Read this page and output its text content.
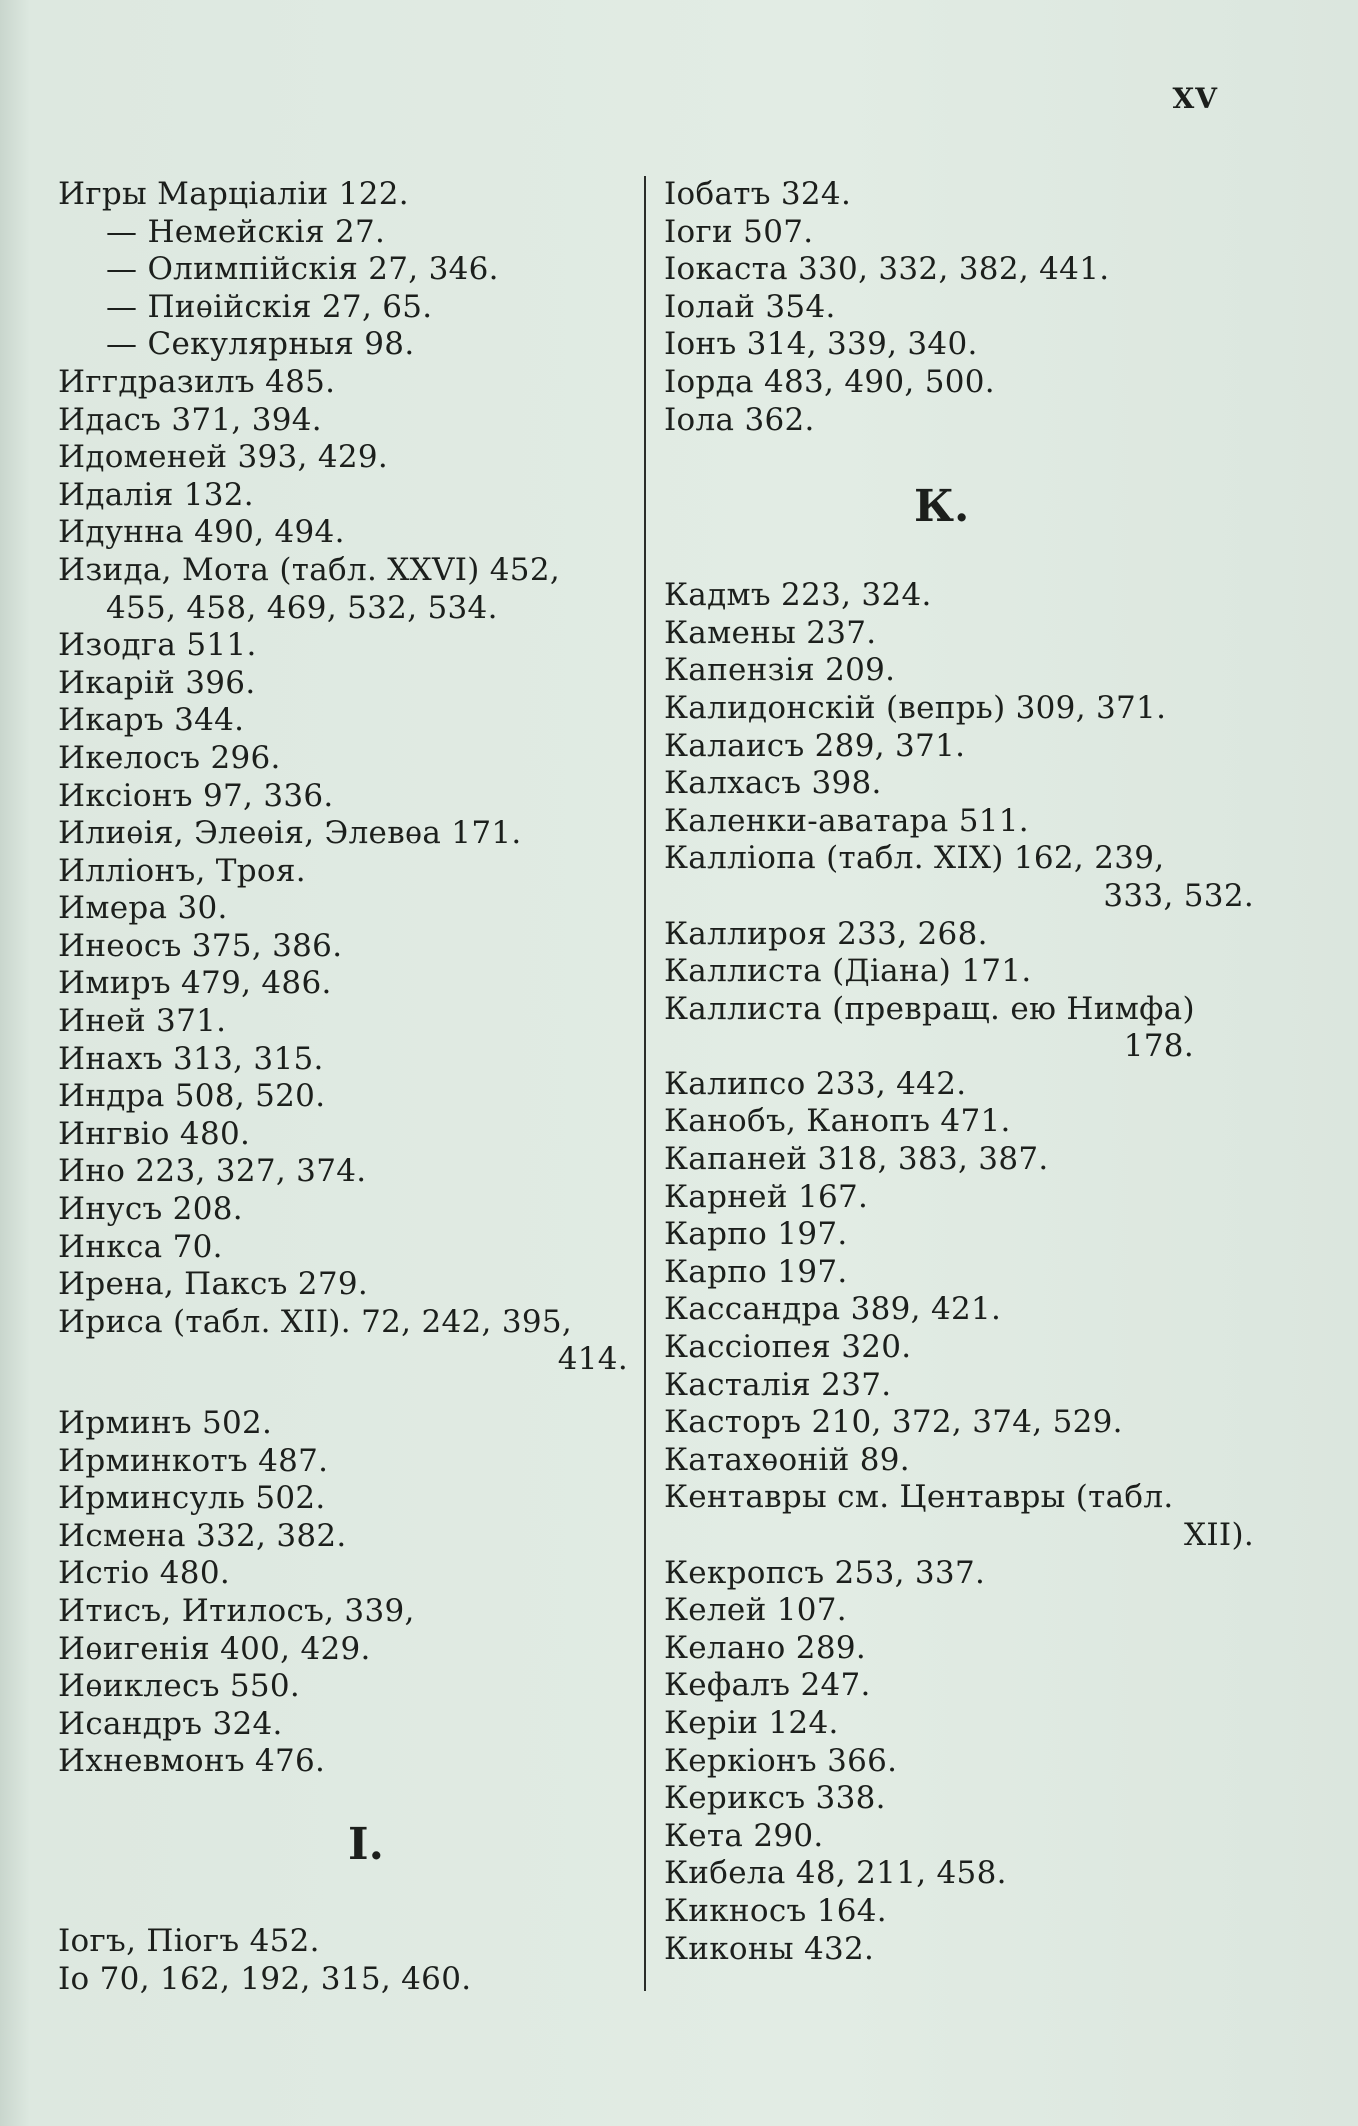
XV
Игры Марціаліи 122.
— Немейскія 27.
— Олимпійскія 27, 346.
— Пиѳійскія 27, 65.
— Секулярныя 98.
Иггдразилъ 485.
Идасъ 371, 394.
Идоменей 393, 429.
Идалія 132.
Идунна 490, 494.
Изида, Мота (табл. XXVI) 452,
455, 458, 469, 532, 534.
Изодга 511.
Икарій 396.
Икаръ 344.
Икелосъ 296.
Иксіонъ 97, 336.
Илиѳія, Элеѳія, Элевѳа 171.
Илліонъ, Троя.
Имера 30.
Инеосъ 375, 386.
Имиръ 479, 486.
Иней 371.
Инахъ 313, 315.
Индра 508, 520.
Ингвіо 480.
Ино 223, 327, 374.
Инусъ 208.
Инкса 70.
Ирена, Паксъ 279.
Ириса (табл. XII). 72, 242, 395,
414.
Ирминъ 502.
Ирминкотъ 487.
Ирминсуль 502.
Исмена 332, 382.
Истіо 480.
Итисъ, Итилосъ, 339,
Иѳигенія 400, 429.
Иѳиклесъ 550.
Исандръ 324.
Ихневмонъ 476.
I.
Іогъ, Піогъ 452.
Іо 70, 162, 192, 315, 460.
Іобатъ 324.
Іоги 507.
Іокаста 330, 332, 382, 441.
Іолай 354.
Іонъ 314, 339, 340.
Іорда 483, 490, 500.
Іола 362.
К.
Кадмъ 223, 324.
Камены 237.
Капензія 209.
Калидонскій (вепрь) 309, 371.
Калаисъ 289, 371.
Калхасъ 398.
Каленки-аватара 511.
Каллiопа (табл. XIX) 162, 239,
333, 532.
Каллироя 233, 268.
Каллиста (Діана) 171.
Каллиста (превращ. ею Нимфа)
178.
Калипсо 233, 442.
Канобъ, Канопъ 471.
Капаней 318, 383, 387.
Карней 167.
Карпо 197.
Карпо 197.
Кассандра 389, 421.
Кассіопея 320.
Касталія 237.
Касторъ 210, 372, 374, 529.
Катахѳоній 89.
Кентавры см. Центавры (табл.
XII).
Кекропсъ 253, 337.
Келей 107.
Келано 289.
Кефалъ 247.
Керіи 124.
Керкіонъ 366.
Кериксъ 338.
Кета 290.
Кибела 48, 211, 458.
Кикносъ 164.
Киконы 432.
